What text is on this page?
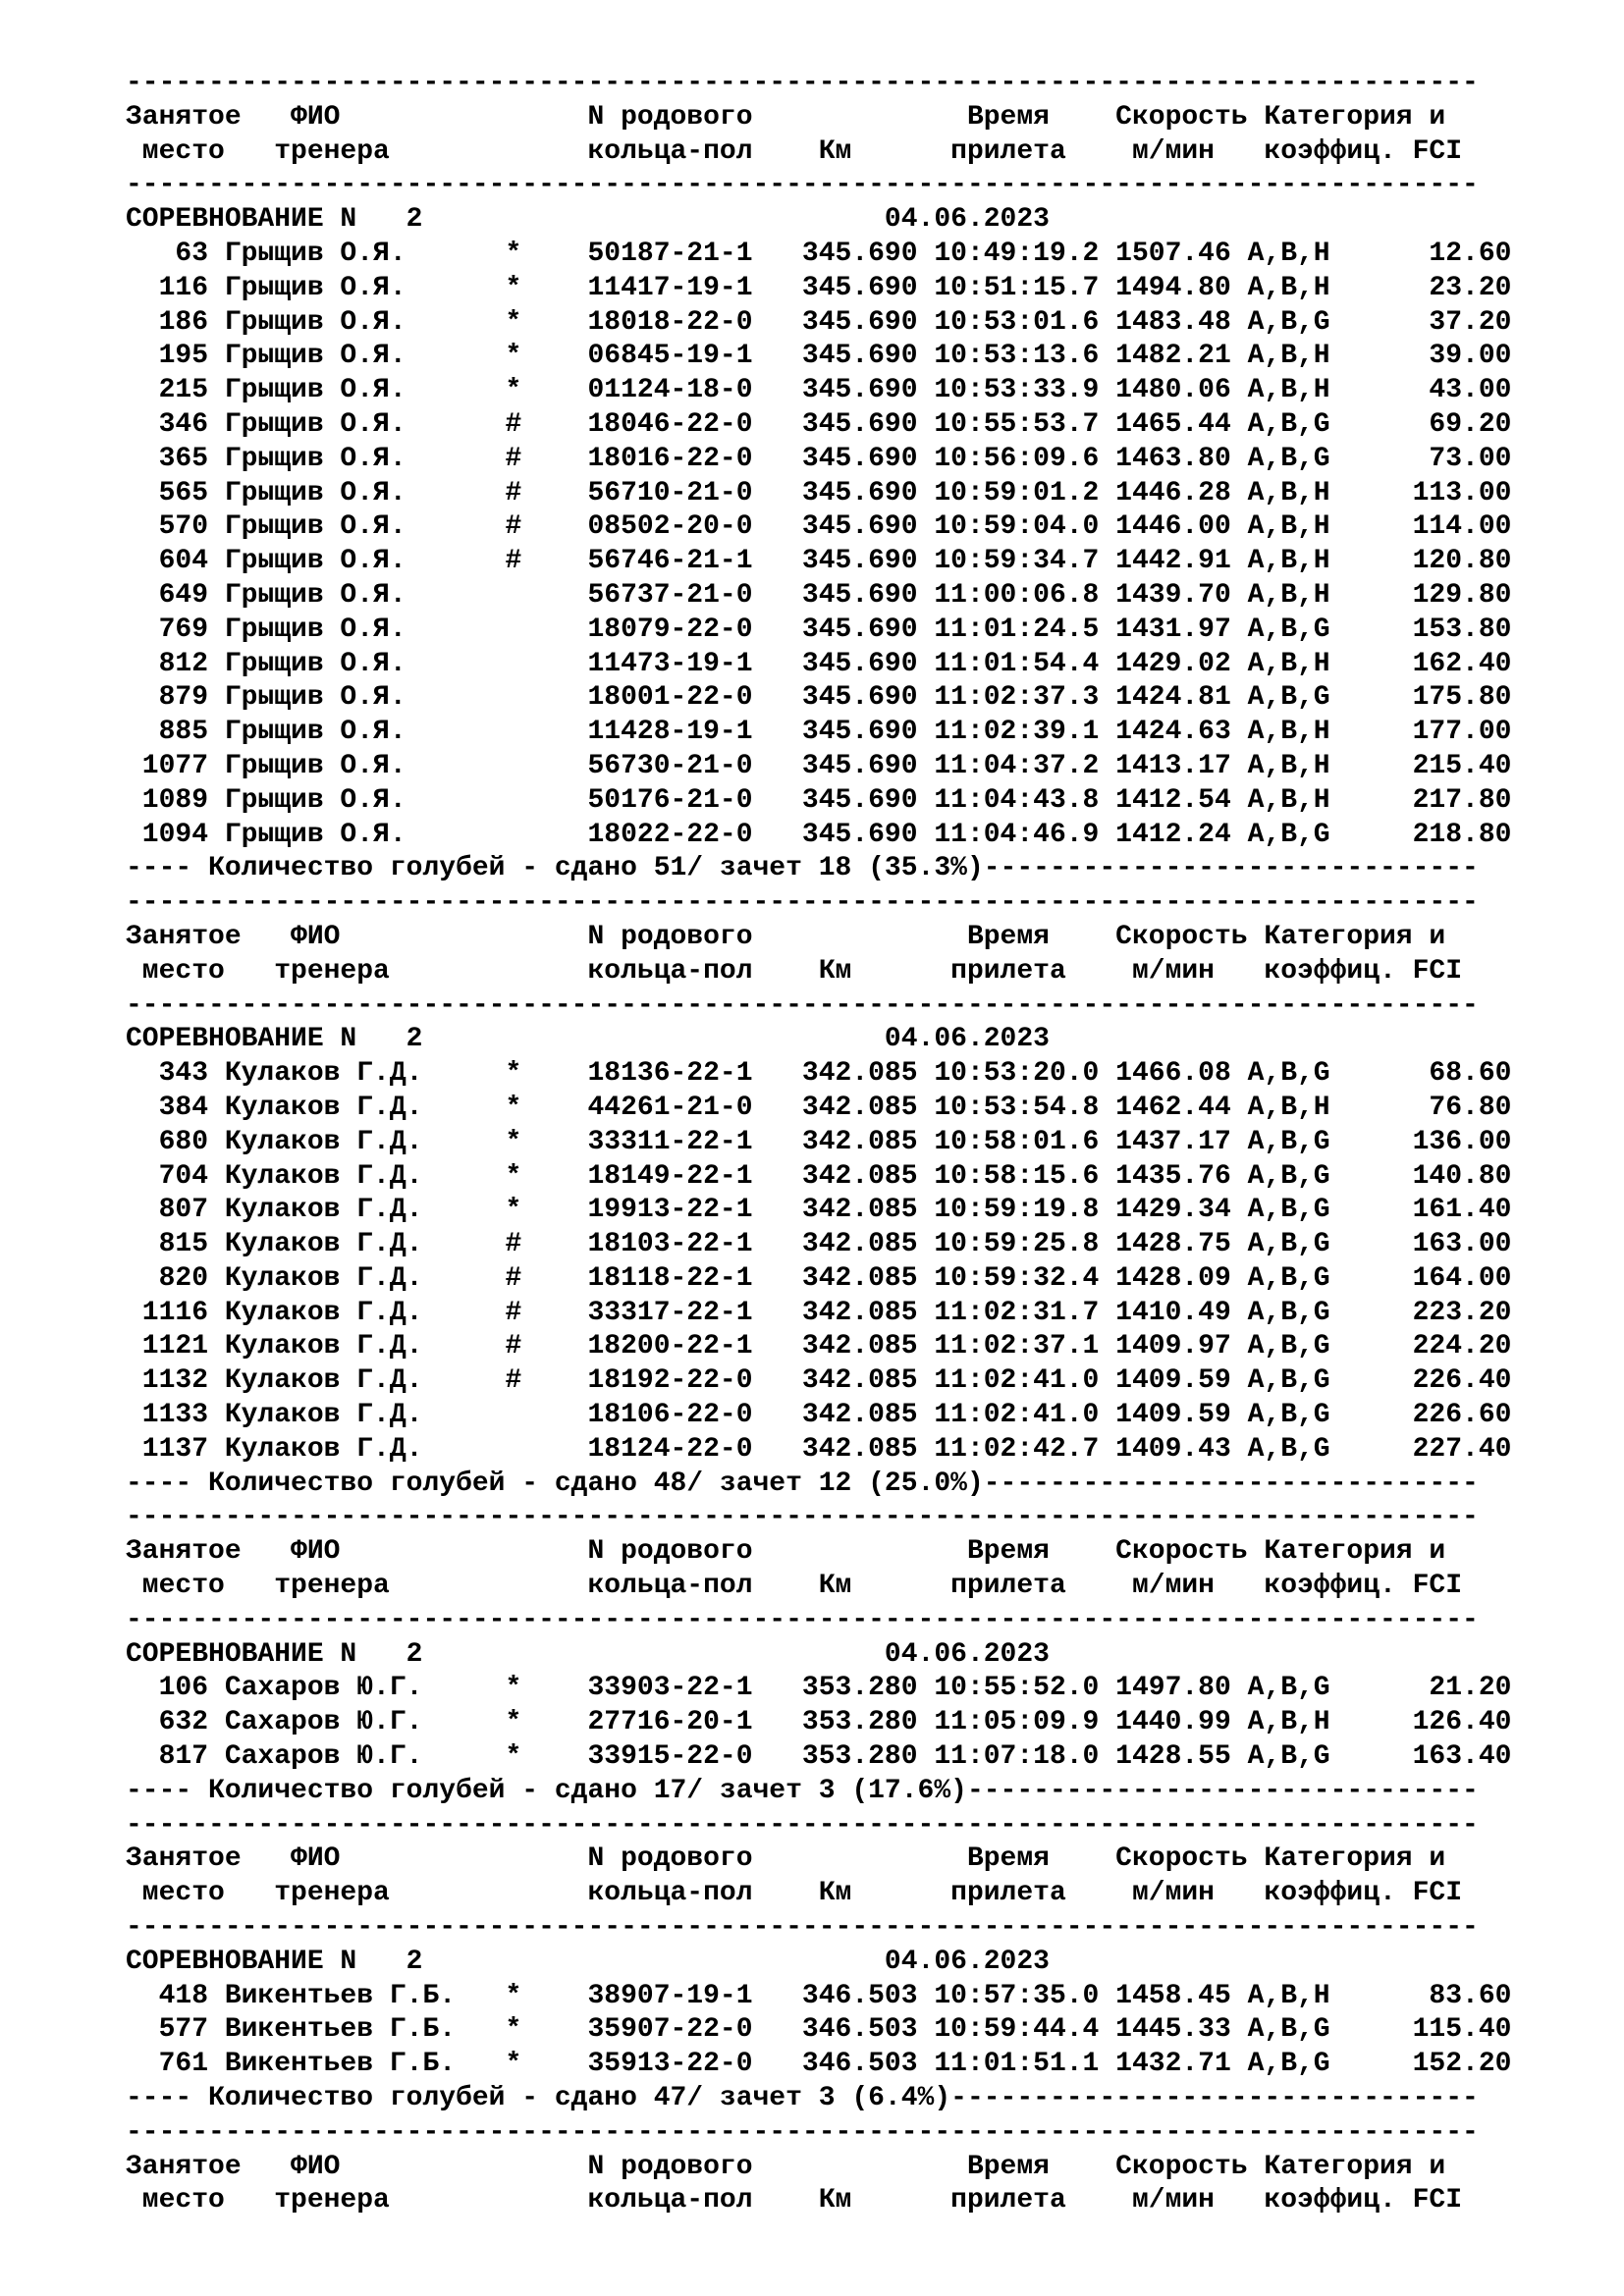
----------------------------------------------------------------------------------
Занятое   ФИО               N родового             Время    Скорость Категория и
место   тренера            кольца-пол    Км      прилета    м/мин   коэффиц. FCI
----------------------------------------------------------------------------------
СОРЕВНОВАНИЕ N   2                            04.06.2023
63 Грыщив О.Я.      *    50187-21-1   345.690 10:49:19.2 1507.46 A,B,H      12.60
116 Грыщив О.Я.      *    11417-19-1   345.690 10:51:15.7 1494.80 A,B,H      23.20
186 Грыщив О.Я.      *    18018-22-0   345.690 10:53:01.6 1483.48 A,B,G      37.20
195 Грыщив О.Я.      *    06845-19-1   345.690 10:53:13.6 1482.21 A,B,H      39.00
215 Грыщив О.Я.      *    01124-18-0   345.690 10:53:33.9 1480.06 A,B,H      43.00
346 Грыщив О.Я.      #    18046-22-0   345.690 10:55:53.7 1465.44 A,B,G      69.20
365 Грыщив О.Я.      #    18016-22-0   345.690 10:56:09.6 1463.80 A,B,G      73.00
565 Грыщив О.Я.      #    56710-21-0   345.690 10:59:01.2 1446.28 A,B,H     113.00
570 Грыщив О.Я.      #    08502-20-0   345.690 10:59:04.0 1446.00 A,B,H     114.00
604 Грыщив О.Я.      #    56746-21-1   345.690 10:59:34.7 1442.91 A,B,H     120.80
649 Грыщив О.Я.           56737-21-0   345.690 11:00:06.8 1439.70 A,B,H     129.80
769 Грыщив О.Я.           18079-22-0   345.690 11:01:24.5 1431.97 A,B,G     153.80
812 Грыщив О.Я.           11473-19-1   345.690 11:01:54.4 1429.02 A,B,H     162.40
879 Грыщив О.Я.           18001-22-0   345.690 11:02:37.3 1424.81 A,B,G     175.80
885 Грыщив О.Я.           11428-19-1   345.690 11:02:39.1 1424.63 A,B,H     177.00
1077 Грыщив О.Я.           56730-21-0   345.690 11:04:37.2 1413.17 A,B,H     215.40
1089 Грыщив О.Я.           50176-21-0   345.690 11:04:43.8 1412.54 A,B,H     217.80
1094 Грыщив О.Я.           18022-22-0   345.690 11:04:46.9 1412.24 A,B,G     218.80
---- Количество голубей - сдано 51/ зачет 18 (35.3%)------------------------------
----------------------------------------------------------------------------------
Занятое   ФИО               N родового             Время    Скорость Категория и
место   тренера            кольца-пол    Км      прилета    м/мин   коэффиц. FCI
----------------------------------------------------------------------------------
СОРЕВНОВАНИЕ N   2                            04.06.2023
343 Кулаков Г.Д.     *    18136-22-1   342.085 10:53:20.0 1466.08 A,B,G      68.60
384 Кулаков Г.Д.     *    44261-21-0   342.085 10:53:54.8 1462.44 A,B,H      76.80
680 Кулаков Г.Д.     *    33311-22-1   342.085 10:58:01.6 1437.17 A,B,G     136.00
704 Кулаков Г.Д.     *    18149-22-1   342.085 10:58:15.6 1435.76 A,B,G     140.80
807 Кулаков Г.Д.     *    19913-22-1   342.085 10:59:19.8 1429.34 A,B,G     161.40
815 Кулаков Г.Д.     #    18103-22-1   342.085 10:59:25.8 1428.75 A,B,G     163.00
820 Кулаков Г.Д.     #    18118-22-1   342.085 10:59:32.4 1428.09 A,B,G     164.00
1116 Кулаков Г.Д.     #    33317-22-1   342.085 11:02:31.7 1410.49 A,B,G     223.20
1121 Кулаков Г.Д.     #    18200-22-1   342.085 11:02:37.1 1409.97 A,B,G     224.20
1132 Кулаков Г.Д.     #    18192-22-0   342.085 11:02:41.0 1409.59 A,B,G     226.40
1133 Кулаков Г.Д.          18106-22-0   342.085 11:02:41.0 1409.59 A,B,G     226.60
1137 Кулаков Г.Д.          18124-22-0   342.085 11:02:42.7 1409.43 A,B,G     227.40
---- Количество голубей - сдано 48/ зачет 12 (25.0%)------------------------------
----------------------------------------------------------------------------------
Занятое   ФИО               N родового             Время    Скорость Категория и
место   тренера            кольца-пол    Км      прилета    м/мин   коэффиц. FCI
----------------------------------------------------------------------------------
СОРЕВНОВАНИЕ N   2                            04.06.2023
106 Сахаров Ю.Г.     *    33903-22-1   353.280 10:55:52.0 1497.80 A,B,G      21.20
632 Сахаров Ю.Г.     *    27716-20-1   353.280 11:05:09.9 1440.99 A,B,H     126.40
817 Сахаров Ю.Г.     *    33915-22-0   353.280 11:07:18.0 1428.55 A,B,G     163.40
---- Количество голубей - сдано 17/ зачет 3 (17.6%)-------------------------------
----------------------------------------------------------------------------------
Занятое   ФИО               N родового             Время    Скорость Категория и
место   тренера            кольца-пол    Км      прилета    м/мин   коэффиц. FCI
----------------------------------------------------------------------------------
СОРЕВНОВАНИЕ N   2                            04.06.2023
418 Викентьев Г.Б.   *    38907-19-1   346.503 10:57:35.0 1458.45 A,B,H      83.60
577 Викентьев Г.Б.   *    35907-22-0   346.503 10:59:44.4 1445.33 A,B,G     115.40
761 Викентьев Г.Б.   *    35913-22-0   346.503 11:01:51.1 1432.71 A,B,G     152.20
---- Количество голубей - сдано 47/ зачет 3 (6.4%)--------------------------------
----------------------------------------------------------------------------------
Занятое   ФИО               N родового             Время    Скорость Категория и
место   тренера            кольца-пол    Км      прилета    м/мин   коэффиц. FCI
